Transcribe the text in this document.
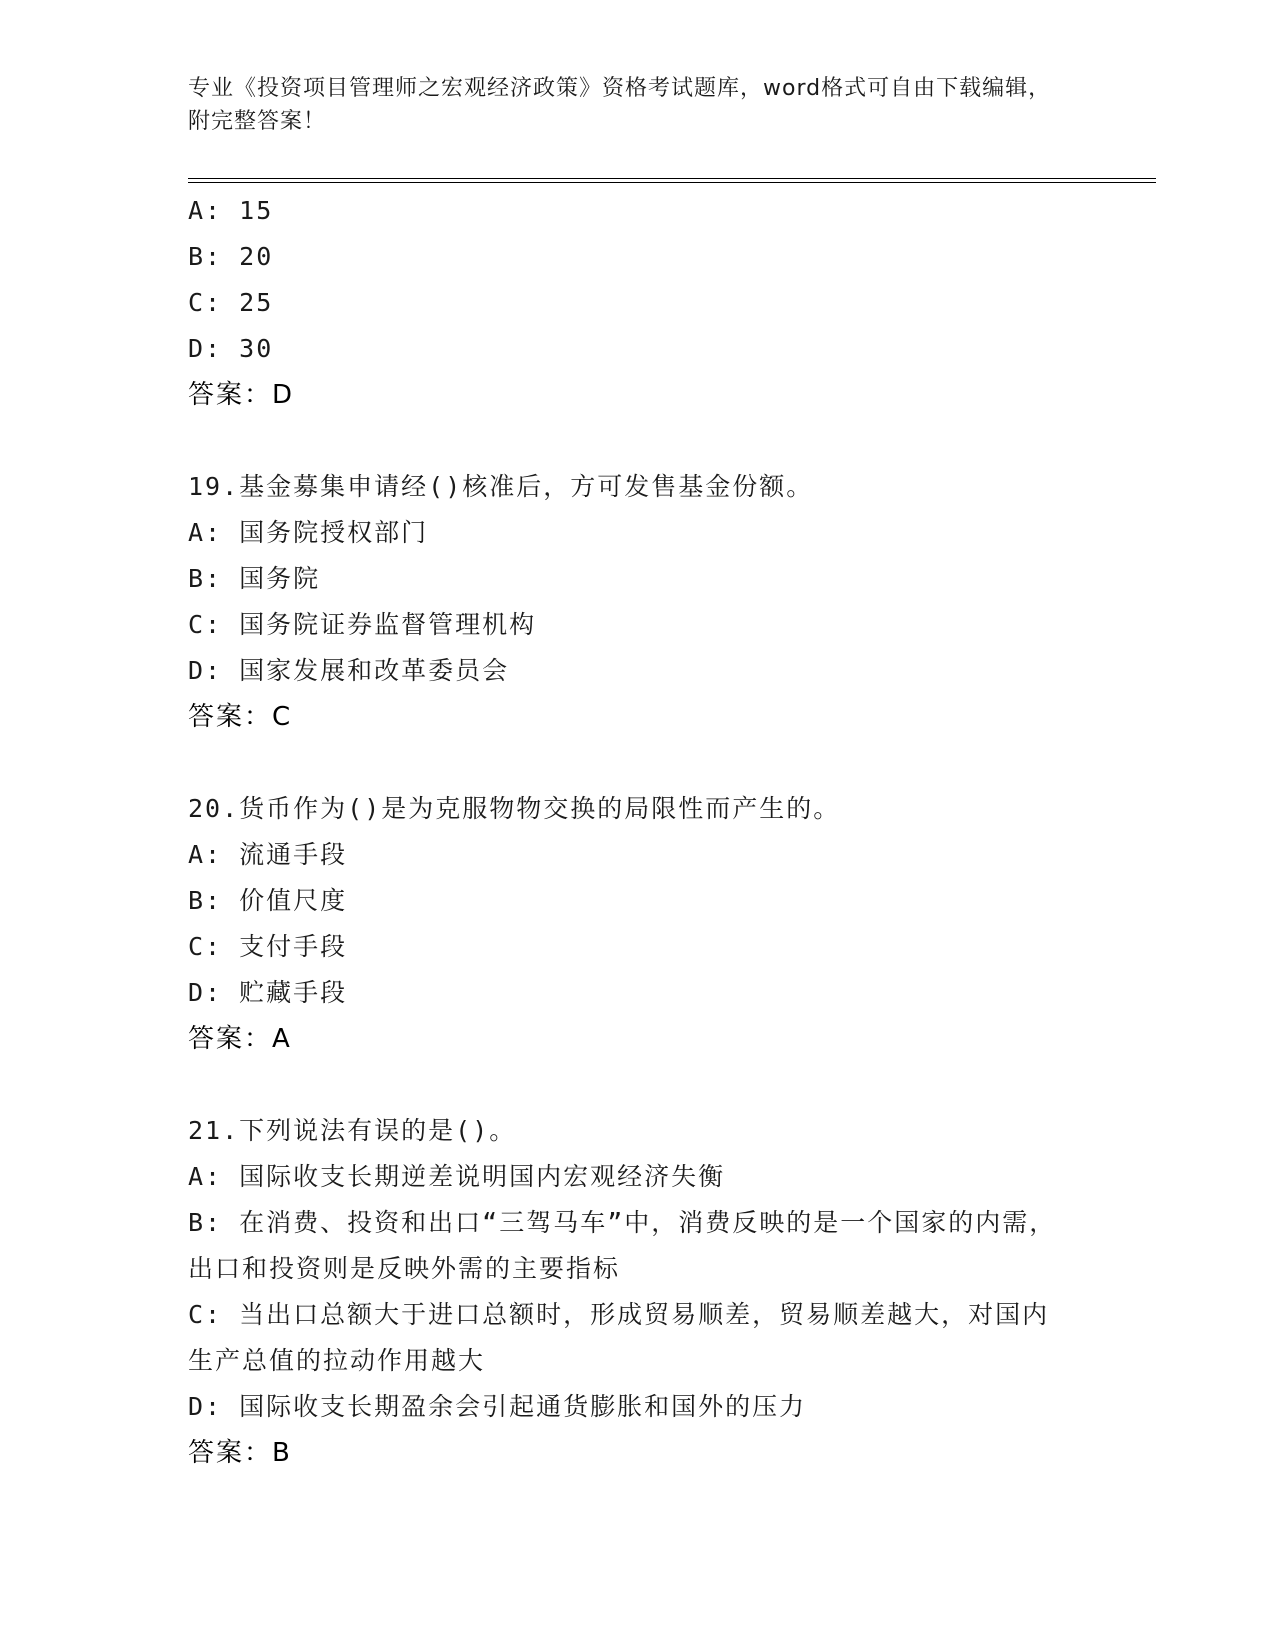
专业《投资项目管理师之宏观经济政策》资格考试题库，word格式可自由下载编辑，附完整答案！
A: 15
B: 20
C: 25
D: 30
答案：D
19.基金募集申请经()核准后，方可发售基金份额。
A: 国务院授权部门
B: 国务院
C: 国务院证券监督管理机构
D: 国家发展和改革委员会
答案：C
20.货币作为()是为克服物物交换的局限性而产生的。
A: 流通手段
B: 价值尺度
C: 支付手段
D: 贮藏手段
答案：A
21.下列说法有误的是()。
A: 国际收支长期逆差说明国内宏观经济失衡
B: 在消费、投资和出口“三驾马车”中，消费反映的是一个国家的内需，出口和投资则是反映外需的主要指标
C: 当出口总额大于进口总额时，形成贸易顺差，贸易顺差越大，对国内生产总值的拉动作用越大
D: 国际收支长期盈余会引起通货膨胀和国外的压力
答案：B
